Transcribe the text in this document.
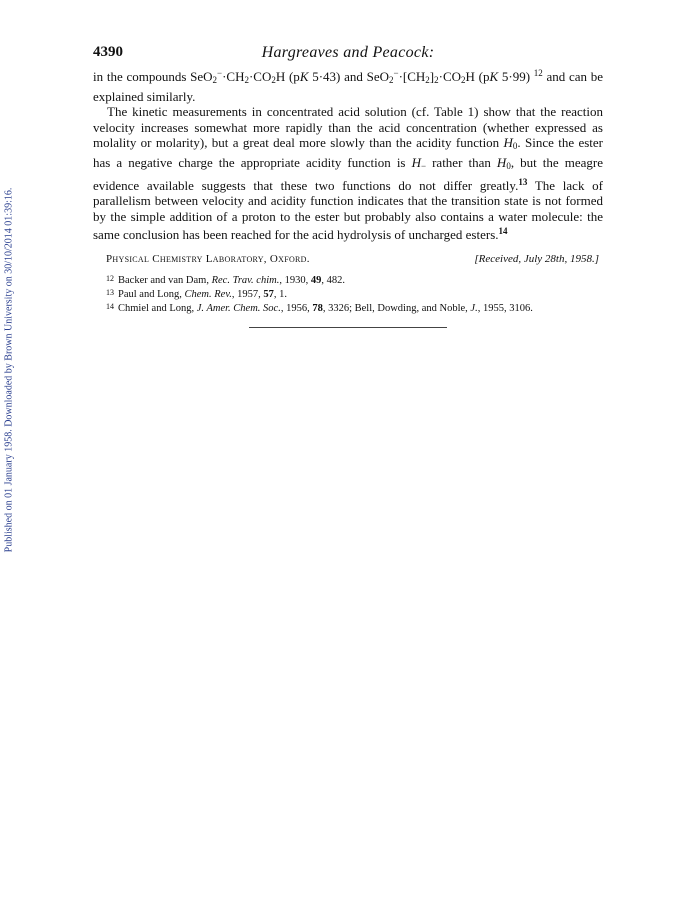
Published on 01 January 1958. Downloaded by Brown University on 30/10/2014 01:39:16.
Hargreaves and Peacock:
4390

in the compounds $SeO_2^-\cdot CH_2\cdot CO_2H$ (pK 5·43) and $SeO_2^-\cdot[CH_2]_2\cdot CO_2H$ (pK 5·99) $^{12}$ and can be explained similarly.

The kinetic measurements in concentrated acid solution (cf. Table 1) show that the reaction velocity increases somewhat more rapidly than the acid concentration (whether expressed as molality or molarity), but a great deal more slowly than the acidity function $H_0$. Since the ester has a negative charge the appropriate acidity function is $H_-$ rather than $H_0$, but the meagre evidence available suggests that these two functions do not differ greatly.$^{13}$ The lack of parallelism between velocity and acidity function indicates that the transition state is not formed by the simple addition of a proton to the ester but probably also contains a water molecule: the same conclusion has been reached for the acid hydrolysis of uncharged esters.$^{14}$

Physical Chemistry Laboratory, Oxford.	[Received, July 28th, 1958.]
12 Backer and van Dam, Rec. Trav. chim., 1930, 49, 482.
13 Paul and Long, Chem. Rev., 1957, 57, 1.
14 Chmiel and Long, J. Amer. Chem. Soc., 1956, 78, 3326; Bell, Dowding, and Noble, J., 1955, 3106.
